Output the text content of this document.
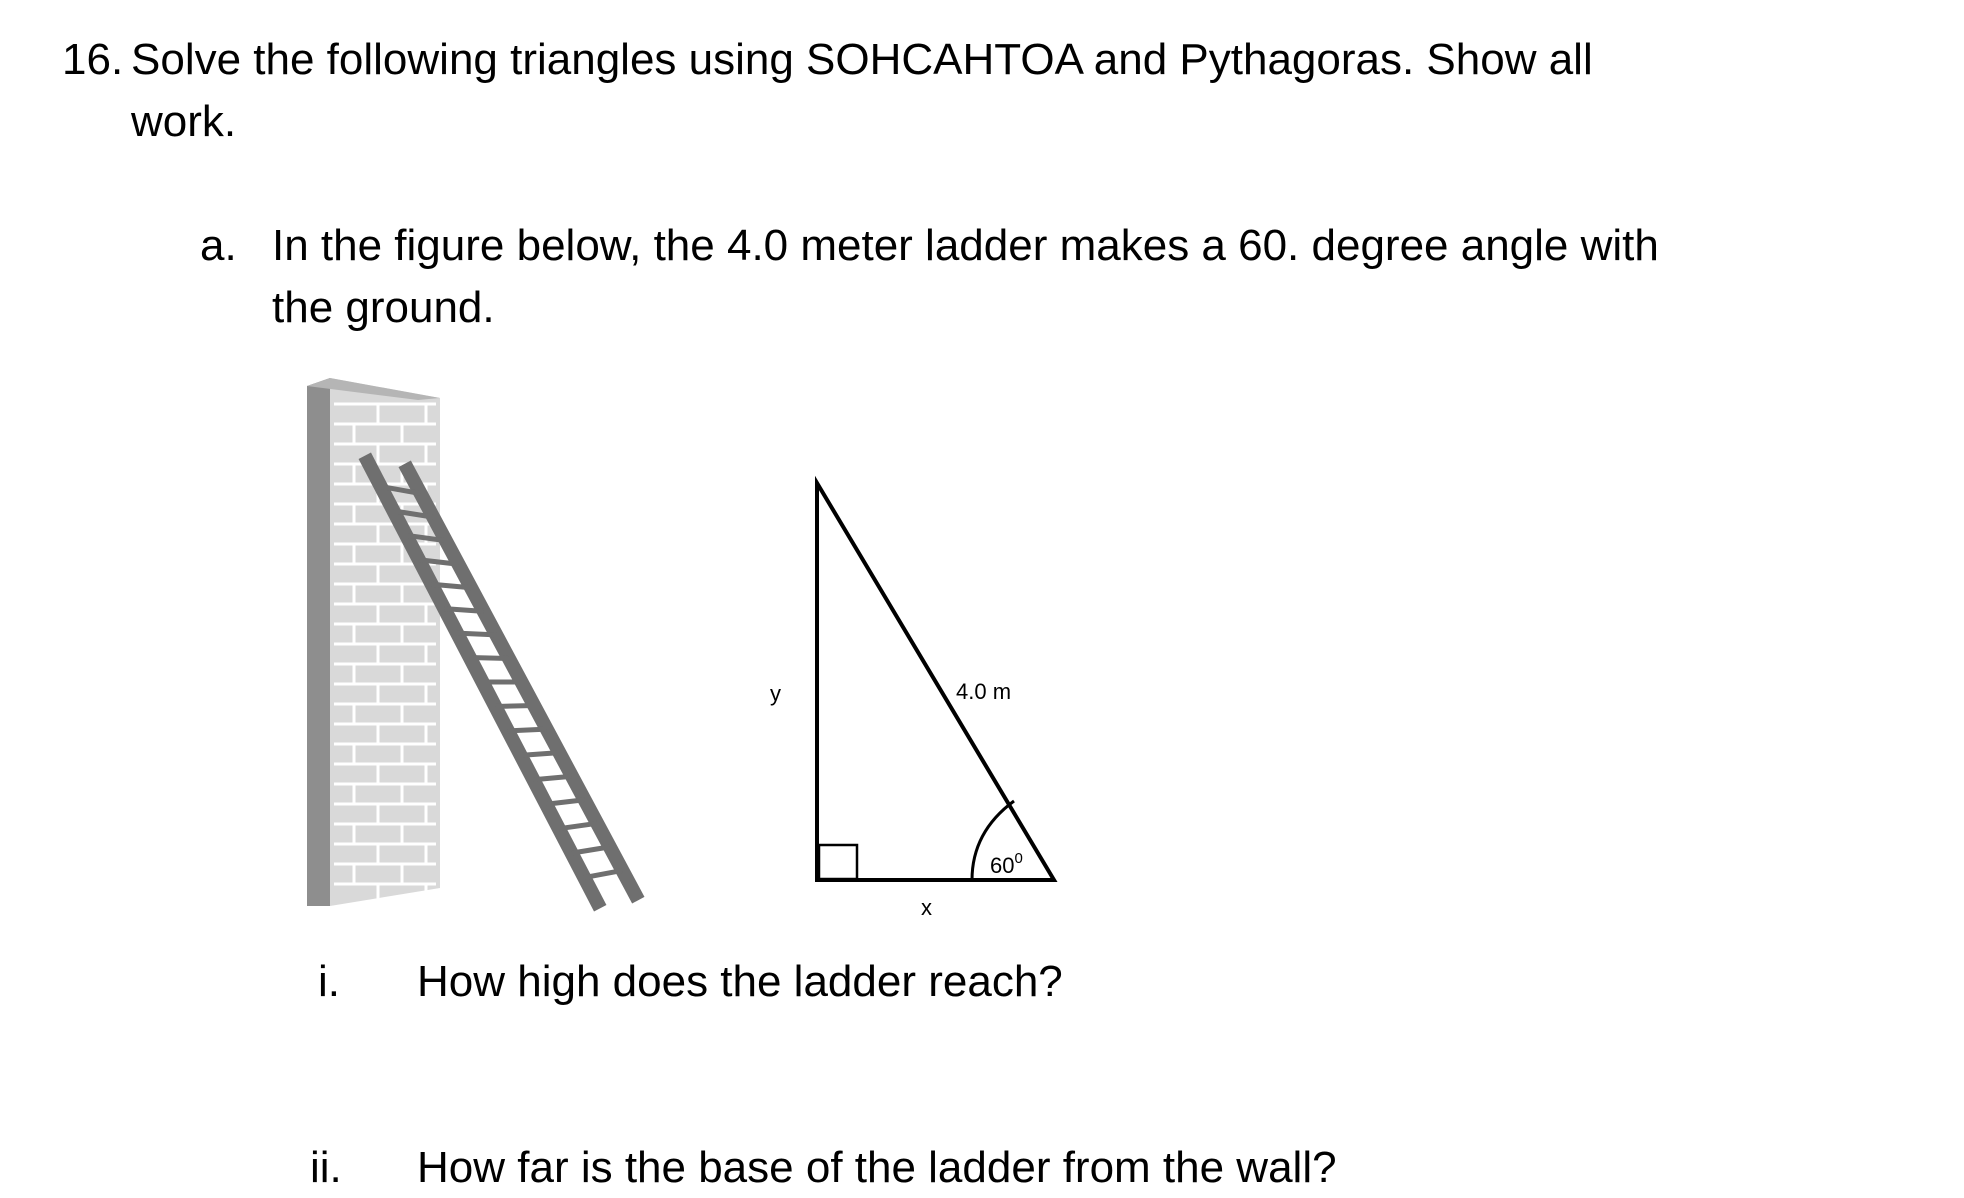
16. Solve the following triangles using SOHCAHTOA and Pythagoras. Show all
work.
a. In the figure below, the 4.0 meter ladder makes a 60. degree angle with
the ground.
4.0 m
y
x
$60^0$
i. How high does the ladder reach?
ii. How far is the base of the ladder from the wall?
